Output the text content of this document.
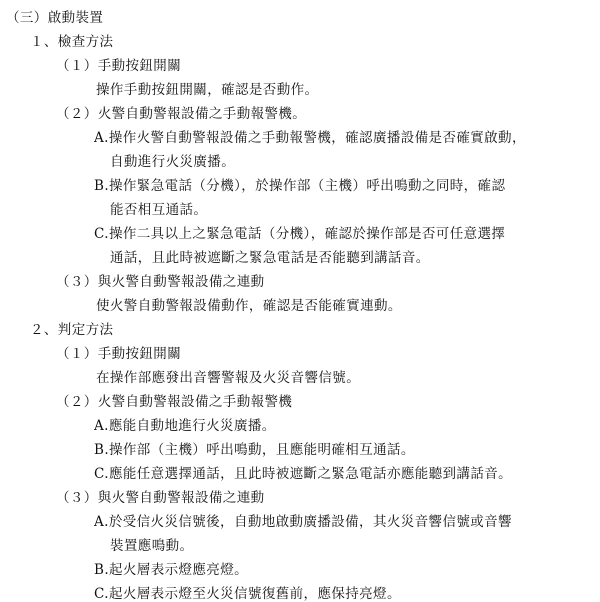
（三）啟動裝置
１、檢查方法
（１）手動按鈕開關
操作手動按鈕開關，確認是否動作。
（２）火警自動警報設備之手動報警機。
A.操作火警自動警報設備之手動報警機，確認廣播設備是否確實啟動，
自動進行火災廣播。
B.操作緊急電話（分機），於操作部（主機）呼出鳴動之同時，確認
能否相互通話。
C.操作二具以上之緊急電話（分機），確認於操作部是否可任意選擇
通話，且此時被遮斷之緊急電話是否能聽到講話音。
（３）與火警自動警報設備之連動
使火警自動警報設備動作，確認是否能確實連動。
２、判定方法
（１）手動按鈕開關
在操作部應發出音響警報及火災音響信號。
（２）火警自動警報設備之手動報警機
A.應能自動地進行火災廣播。
B.操作部（主機）呼出鳴動，且應能明確相互通話。
C.應能任意選擇通話，且此時被遮斷之緊急電話亦應能聽到講話音。
（３）與火警自動警報設備之連動
A.於受信火災信號後，自動地啟動廣播設備，其火災音響信號或音響
裝置應鳴動。
B.起火層表示燈應亮燈。
C.起火層表示燈至火災信號復舊前，應保持亮燈。
